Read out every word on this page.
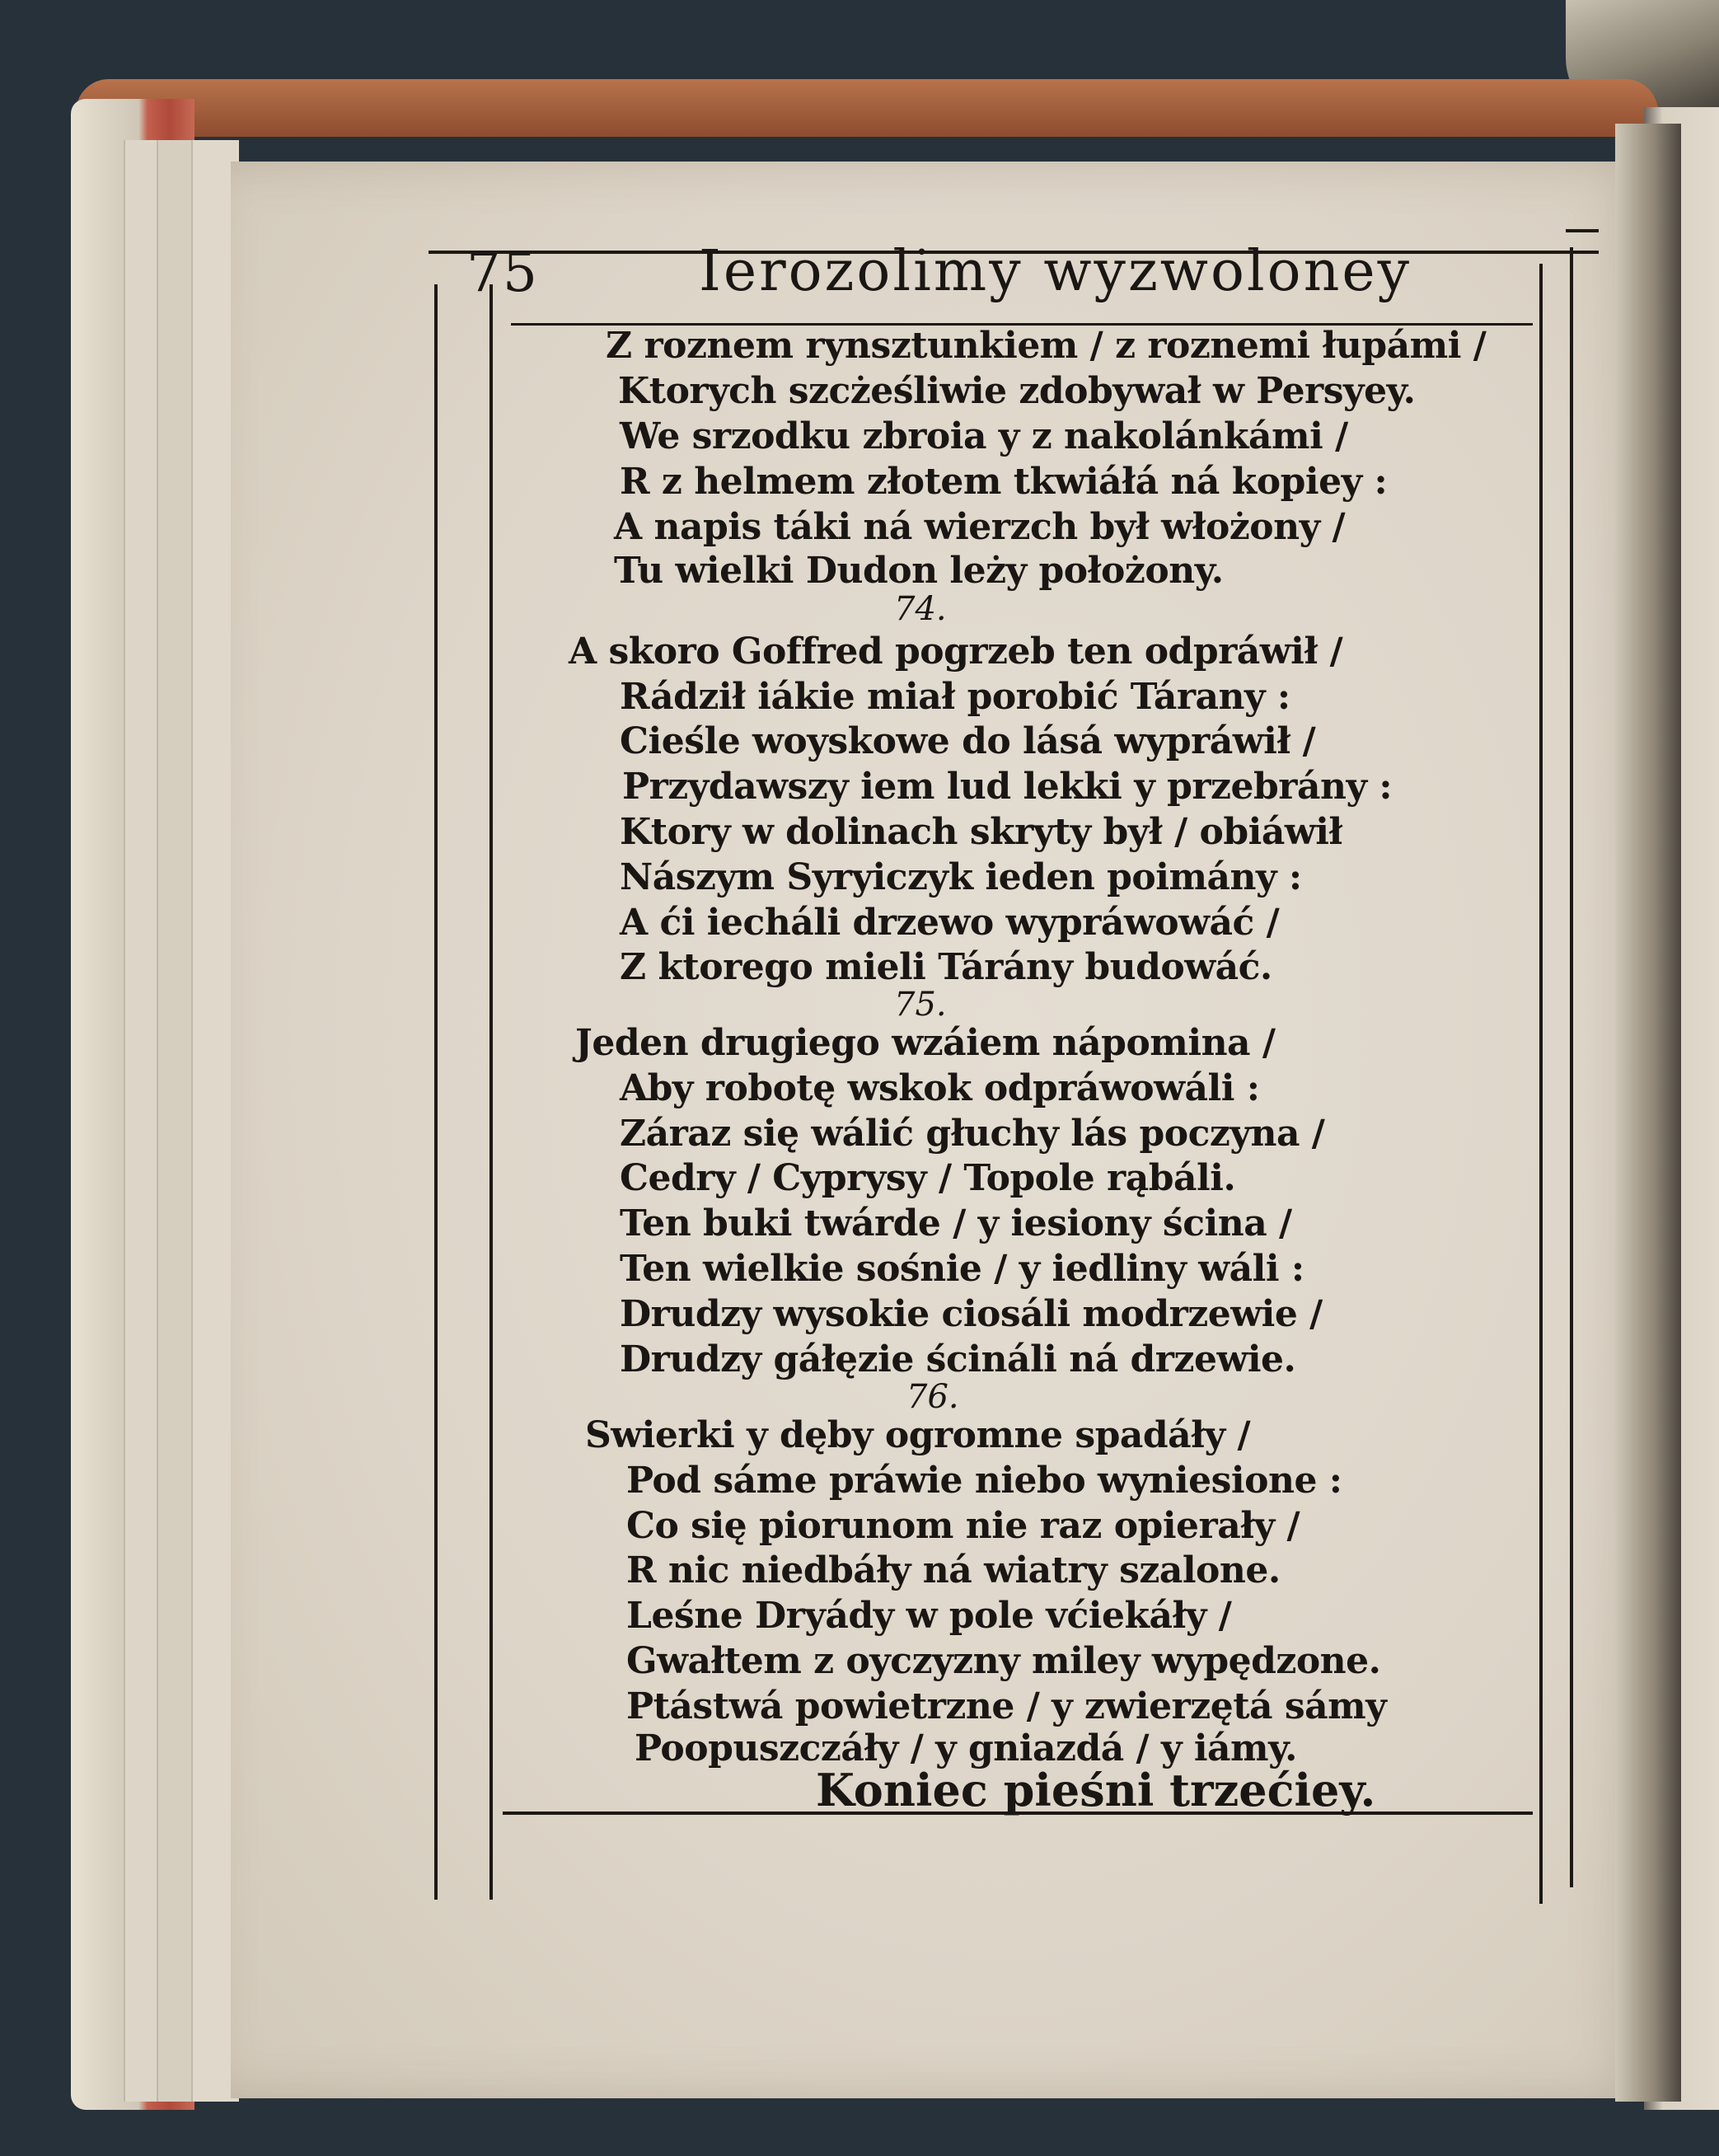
75	Ierozolimy wyzwoloney
Z roznem rynsztunkiem / z roznemi łupámi /
Ktorych szcżeśliwie zdobywał w Persyey.
We srzodku zbroia y z nakolánkámi /
R z helmem złotem tkwiáłá ná kopiey :
A napis táki ná wierzch był włożony /
Tu wielki Dudon leży położony.
74.
A skoro Goffred pogrzeb ten odpráwił /
Rádził iákie miał porobić Tárany :
Cieśle woyskowe do lásá wypráwił /
Przydawszy iem lud lekki y przebrány :
Ktory w dolinach skryty był / obiáwił
Nászym Syryiczyk ieden poimány :
A ći iecháli drzewo wypráwowáć /
Z ktorego mieli Tárány budowáć.
75.
Jeden drugiego wzáiem nápomina /
Aby robotę wskok odpráwowáli :
Záraz się wálić głuchy lás poczyna /
Cedry / Cyprysy / Topole rąbáli.
Ten buki twárde / y iesiony ścina /
Ten wielkie sośnie / y iedliny wáli :
Drudzy wysokie ciosáli modrzewie /
Drudzy gáłęzie ścináli ná drzewie.
76.
Swierki y dęby ogromne spadáły /
Pod sáme práwie niebo wyniesione :
Co się piorunom nie raz opierały /
R nic niedbáły ná wiatry szalone.
Leśne Dryády w pole vćiekáły /
Gwałtem z oyczyzny miley wypędzone.
Ptástwá powietrzne / y zwierzętá sámy
Poopuszczáły / y gniazdá / y iámy.
Koniec pieśni trzećiey.
